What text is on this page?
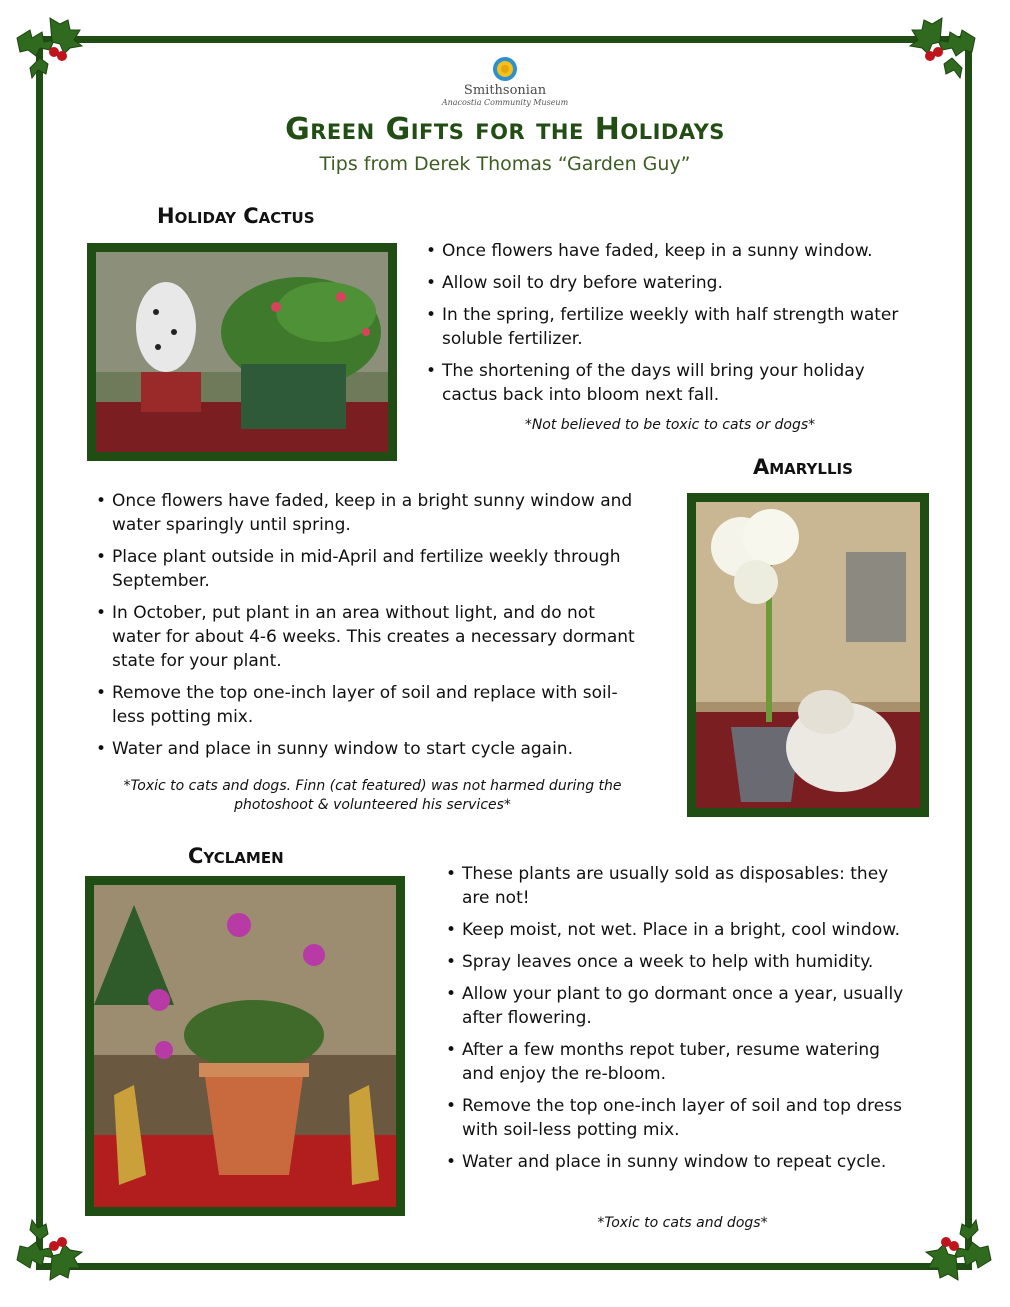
Smithsonian
Anacostia Community Museum
Green Gifts for the Holidays

Tips from Derek Thomas “Garden Guy”

Holiday Cactus
• Once flowers have faded, keep in a sunny window.
• Allow soil to dry before watering.
• In the spring, fertilize weekly with half strength water soluble fertilizer.
• The shortening of the days will bring your holiday cactus back into bloom next fall.

*Not believed to be toxic to cats or dogs*

Amaryllis
• Once flowers have faded, keep in a bright sunny window and water sparingly until spring.
• Place plant outside in mid-April and fertilize weekly through September.
• In October, put plant in an area without light, and do not water for about 4-6 weeks. This creates a necessary dormant state for your plant.
• Remove the top one-inch layer of soil and replace with soil-less potting mix.
• Water and place in sunny window to start cycle again.

*Toxic to cats and dogs. Finn (cat featured) was not harmed during the photoshoot & volunteered his services*

Cyclamen
• These plants are usually sold as disposables: they are not!
• Keep moist, not wet. Place in a bright, cool window.
• Spray leaves once a week to help with humidity.
• Allow your plant to go dormant once a year, usually after flowering.
• After a few months repot tuber, resume watering and enjoy the re-bloom.
• Remove the top one-inch layer of soil and top dress with soil-less potting mix.
• Water and place in sunny window to repeat cycle.

*Toxic to cats and dogs*
